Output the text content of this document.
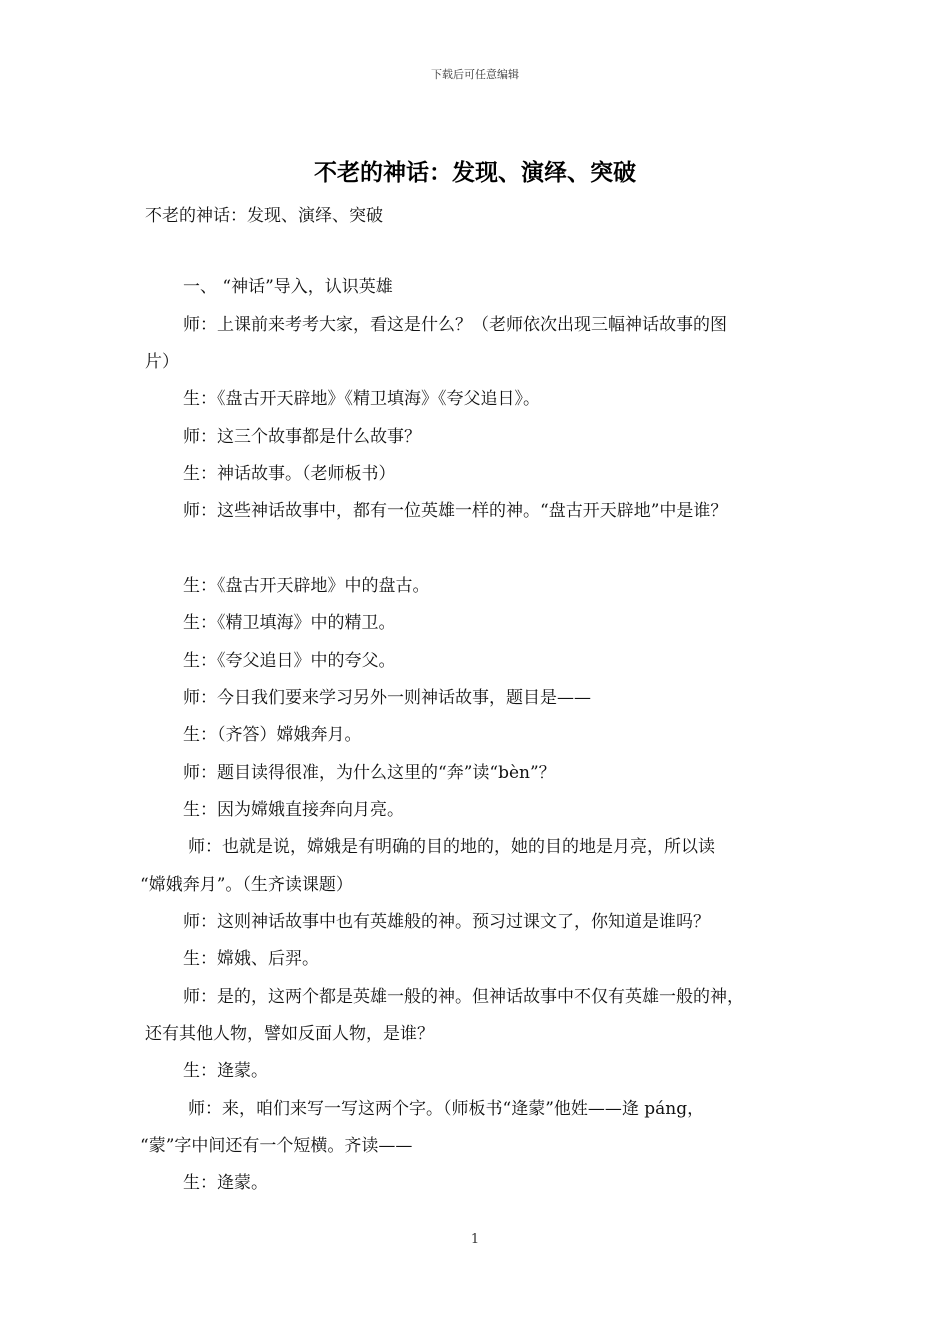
下载后可任意编辑
不老的神话：发现、演绎、突破
不老的神话：发现、演绎、突破
一、 “神话”导入，认识英雄
师：上课前来考考大家，看这是什么？（老师依次出现三幅神话故事的图
片）
生：《盘古开天辟地》《精卫填海》《夸父追日》。
师：这三个故事都是什么故事？
生：神话故事。（老师板书）
师：这些神话故事中，都有一位英雄一样的神。“盘古开天辟地”中是谁？
生：《盘古开天辟地》中的盘古。
生：《精卫填海》中的精卫。
生：《夸父追日》中的夸父。
师：今日我们要来学习另外一则神话故事，题目是——
生：（齐答）嫦娥奔月。
师：题目读得很准，为什么这里的“奔”读“bèn”？
生：因为嫦娥直接奔向月亮。
师：也就是说，嫦娥是有明确的目的地的，她的目的地是月亮，所以读
“嫦娥奔月”。（生齐读课题）
师：这则神话故事中也有英雄般的神。预习过课文了，你知道是谁吗？
生：嫦娥、后羿。
师：是的，这两个都是英雄一般的神。但神话故事中不仅有英雄一般的神，
还有其他人物，譬如反面人物，是谁？
生：逄蒙。
师：来，咱们来写一写这两个字。（师板书“逄蒙”他姓——逄 páng，
“蒙”字中间还有一个短横。齐读——
生：逄蒙。
1
